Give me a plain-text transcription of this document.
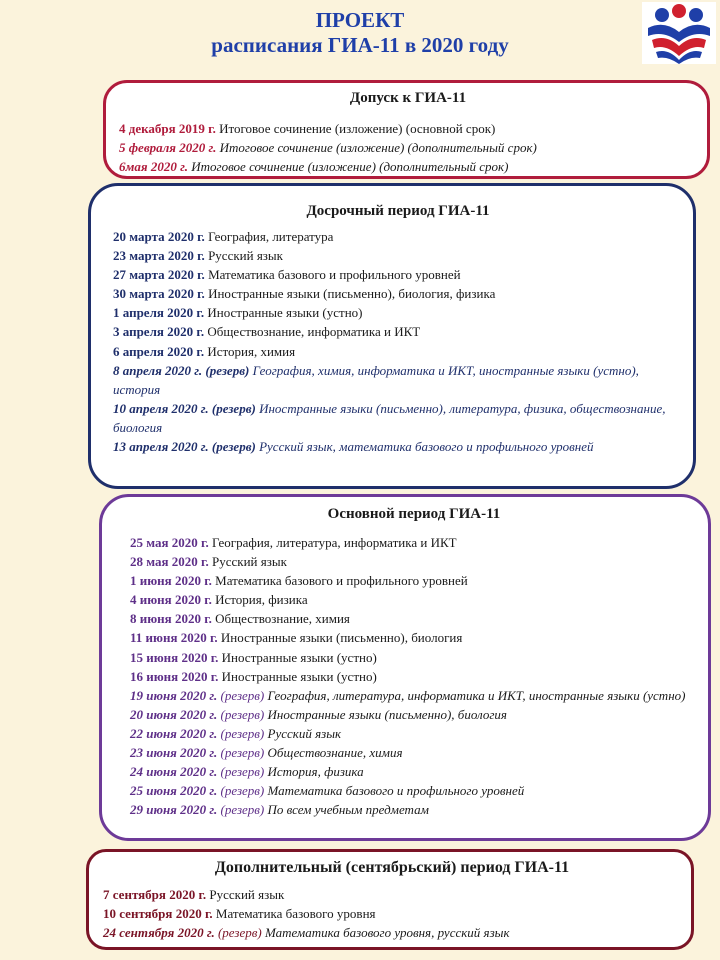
ПРОЕКТ
расписания ГИА-11 в 2020 году
Допуск к ГИА-11
4 декабря 2019 г. Итоговое сочинение (изложение) (основной срок)
5 февраля 2020 г. Итоговое сочинение (изложение) (дополнительный срок)
6мая 2020 г. Итоговое сочинение (изложение) (дополнительный срок)
Досрочный период ГИА-11
20 марта 2020 г. География, литература
23 марта 2020 г. Русский язык
27 марта 2020 г. Математика базового и профильного уровней
30 марта 2020 г. Иностранные языки (письменно), биология, физика
1 апреля 2020 г. Иностранные языки (устно)
3 апреля 2020 г. Обществознание, информатика и ИКТ
6 апреля 2020 г. История, химия
8 апреля 2020 г. (резерв) География, химия, информатика и ИКТ, иностранные языки (устно), история
10 апреля 2020 г. (резерв) Иностранные языки (письменно), литература, физика, обществознание, биология
13 апреля 2020 г. (резерв) Русский язык, математика базового и профильного уровней
Основной период ГИА-11
25 мая 2020 г. География, литература, информатика и ИКТ
28 мая 2020 г. Русский язык
1 июня 2020 г. Математика базового и профильного уровней
4 июня 2020 г. История, физика
8 июня 2020 г. Обществознание, химия
11 июня 2020 г. Иностранные языки (письменно), биология
15 июня 2020 г. Иностранные языки (устно)
16 июня 2020 г. Иностранные языки (устно)
19 июня 2020 г. (резерв) География, литература, информатика и ИКТ, иностранные языки (устно)
20 июня 2020 г. (резерв) Иностранные языки (письменно), биология
22 июня 2020 г. (резерв) Русский язык
23 июня 2020 г. (резерв) Обществознание, химия
24 июня 2020 г. (резерв) История, физика
25 июня 2020 г. (резерв) Математика базового и профильного уровней
29 июня 2020 г. (резерв) По всем учебным предметам
Дополнительный (сентябрьский) период ГИА-11
7 сентября 2020 г. Русский язык
10 сентября 2020 г. Математика базового уровня
24 сентября 2020 г. (резерв) Математика базового уровня, русский язык
